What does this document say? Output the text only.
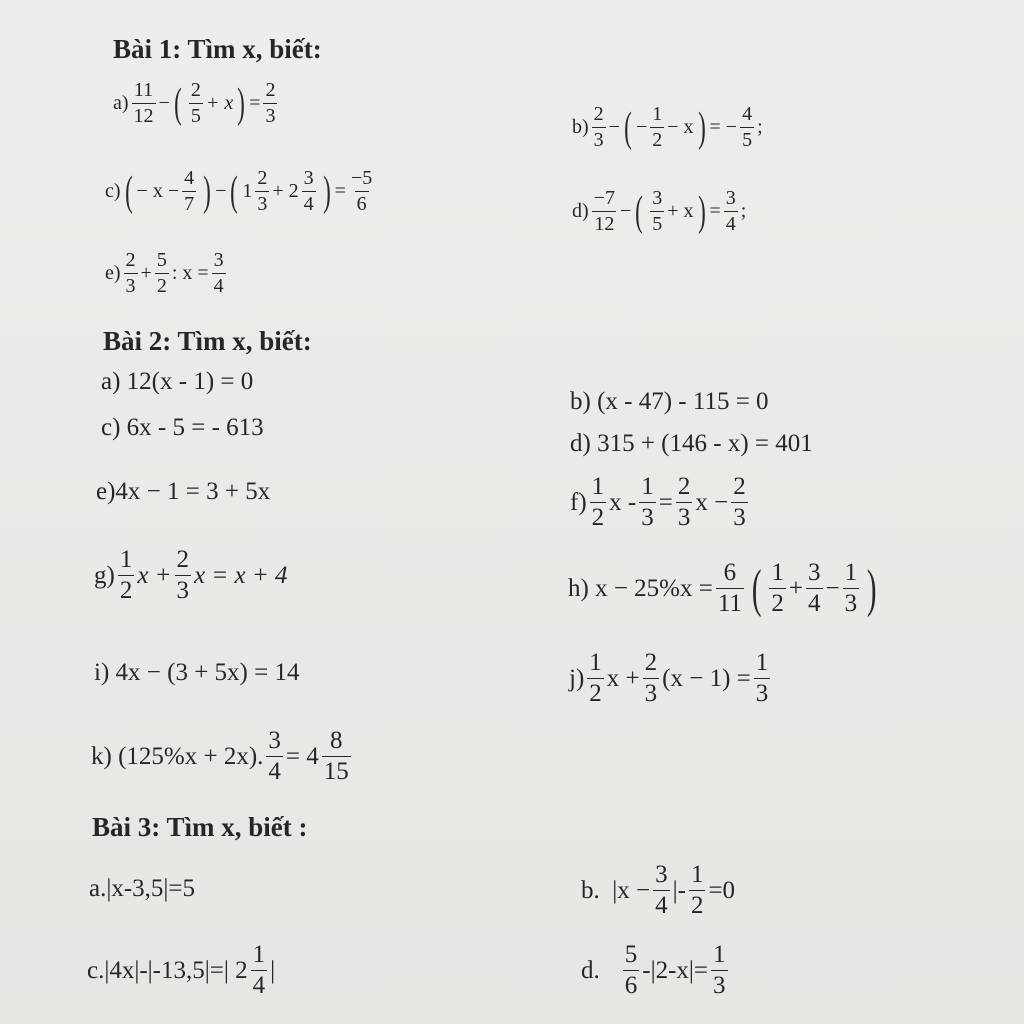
Bài 1: Tìm x, biết:
$a) \frac{11}{12}$ − ( $\frac{2}{5} + x$ ) = $\frac{2}{3}$	$b) \frac{2}{3}$ − ( − $\frac{1}{2} - x$ ) = − $\frac{4}{5}$ ;
c) ( − $x - \frac{4}{7}$ ) − ( $1 \frac{2}{3} + 2 \frac{3}{4}$ ) = $\frac{-5}{6}$	$d) \frac{-7}{12}$ − ( $\frac{3}{5} + x$ ) = $\frac{3}{4}$ ;
$e) \frac{2}{3} + \frac{5}{2}$ : $x = \frac{3}{4}$
Bài 2: Tìm x, biết:
a) 12(x - 1) = 0
b) (x - 47) - 115 = 0
c) 6x - 5 = - 613
d) 315 + (146 - x) = 401
e)4x − 1 = 3 + 5x	$f) \frac{1}{2}$ $x - \frac{1}{3} = \frac{2}{3}$ $x - \frac{2}{3}$
$g) \frac{1}{2}$ $x + \frac{2}{3}$ x = x + 4	h) $x - 25\%x = \frac{6}{11}$ ( $\frac{1}{2} + \frac{3}{4} - \frac{1}{3}$ )
i) 4x − (3 + 5x) = 14	$j) \frac{1}{2}$ $x + \frac{2}{3} (x - 1) = \frac{1}{3}$
k) (125%x + 2x). $\frac{3}{4} = 4 \frac{8}{15}$
Bài 3: Tìm x, biết :
a.|x-3,5|=5	b.  $|x - \frac{3}{4}$ |- $\frac{1}{2} =0$
c.|4x|-|-13,5|=| $2 \frac{1}{4}$ |	d. $\frac{5}{6} -|2-x|= \frac{1}{3}$
